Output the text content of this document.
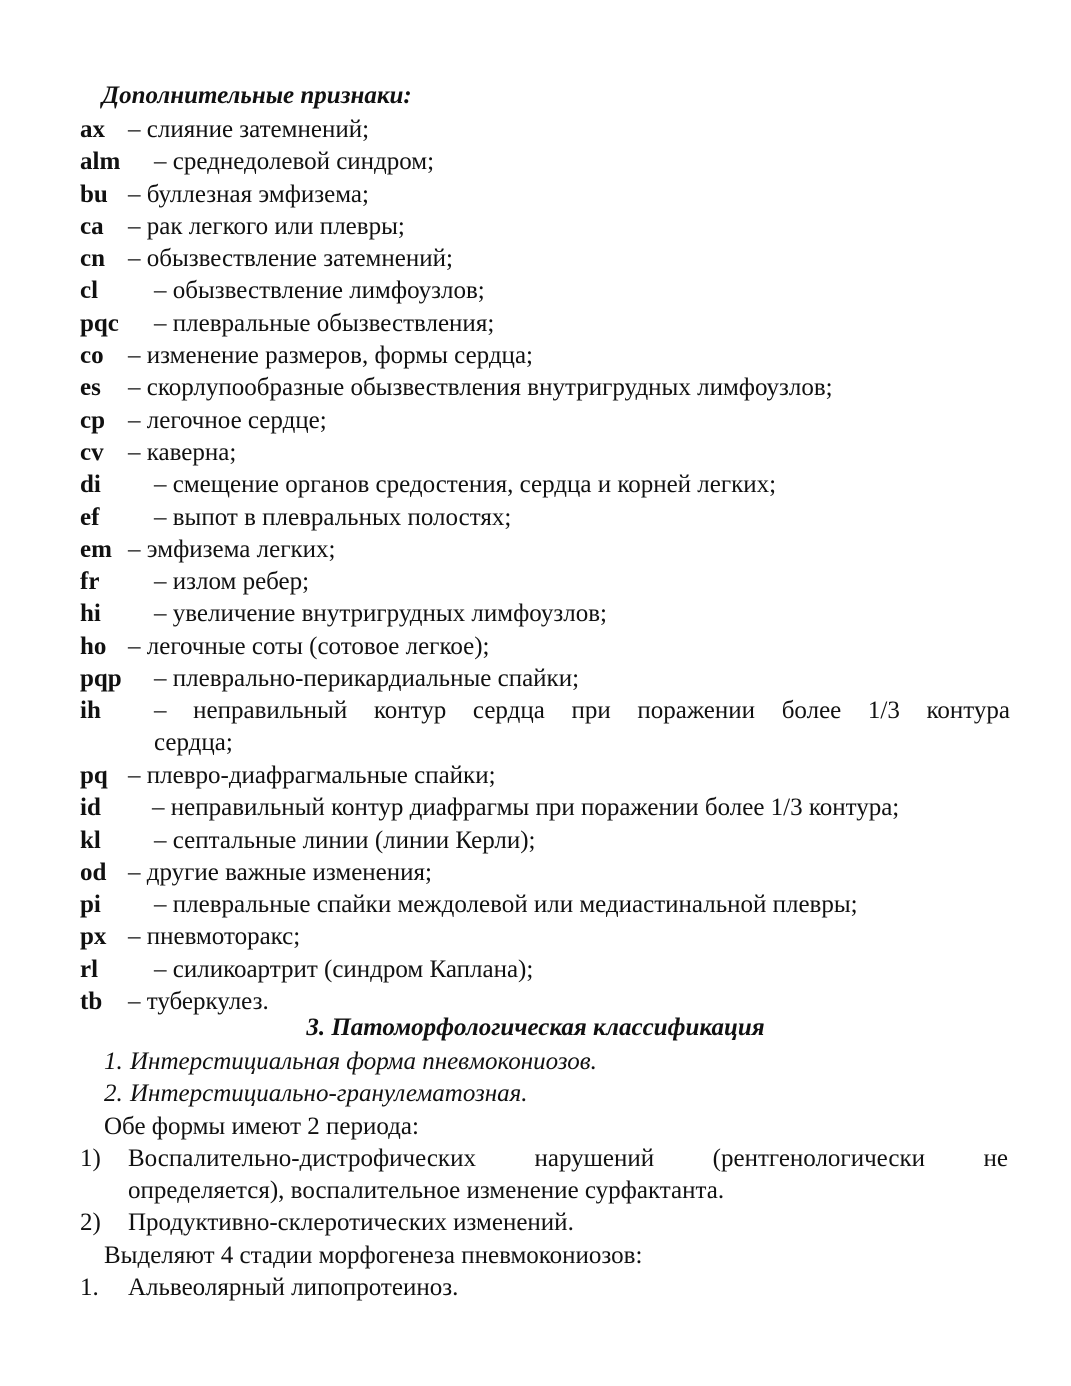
Дополнительные признаки:
ax – слияние затемнений;
alm – среднедолевой синдром;
bu – буллезная эмфизема;
ca – рак легкого или плевры;
cn – обызвествление затемнений;
cl – обызвествление лимфоузлов;
pqc – плевральные обызвествления;
co – изменение размеров, формы сердца;
es – скорлупообразные обызвествления внутригрудных лимфоузлов;
cp – легочное сердце;
cv – каверна;
di – смещение органов средостения, сердца и корней легких;
ef – выпот в плевральных полостях;
em – эмфизема легких;
fr – излом ребер;
hi – увеличение внутригрудных лимфоузлов;
ho – легочные соты (сотовое легкое);
pqp – плеврально-перикардиальные спайки;
ih – неправильный контур сердца при поражении более 1/3 контура
сердца;
pq – плевро-диафрагмальные спайки;
id – неправильный контур диафрагмы при поражении более 1/3 контура;
kl – септальные линии (линии Керли);
od – другие важные изменения;
pi – плевральные спайки междолевой или медиастинальной плевры;
px – пневмоторакс;
rl – силикоартрит (синдром Каплана);
tb – туберкулез.
3. Патоморфологическая классификация
1. Интерстициальная форма пневмокониозов.
2. Интерстициально-гранулематозная.
Обе формы имеют 2 периода:
1) Воспалительно-дистрофических нарушений (рентгенологически не
определяется), воспалительное изменение сурфактанта.
2) Продуктивно-склеротических изменений.
Выделяют 4 стадии морфогенеза пневмокониозов:
1. Альвеолярный липопротеиноз.
